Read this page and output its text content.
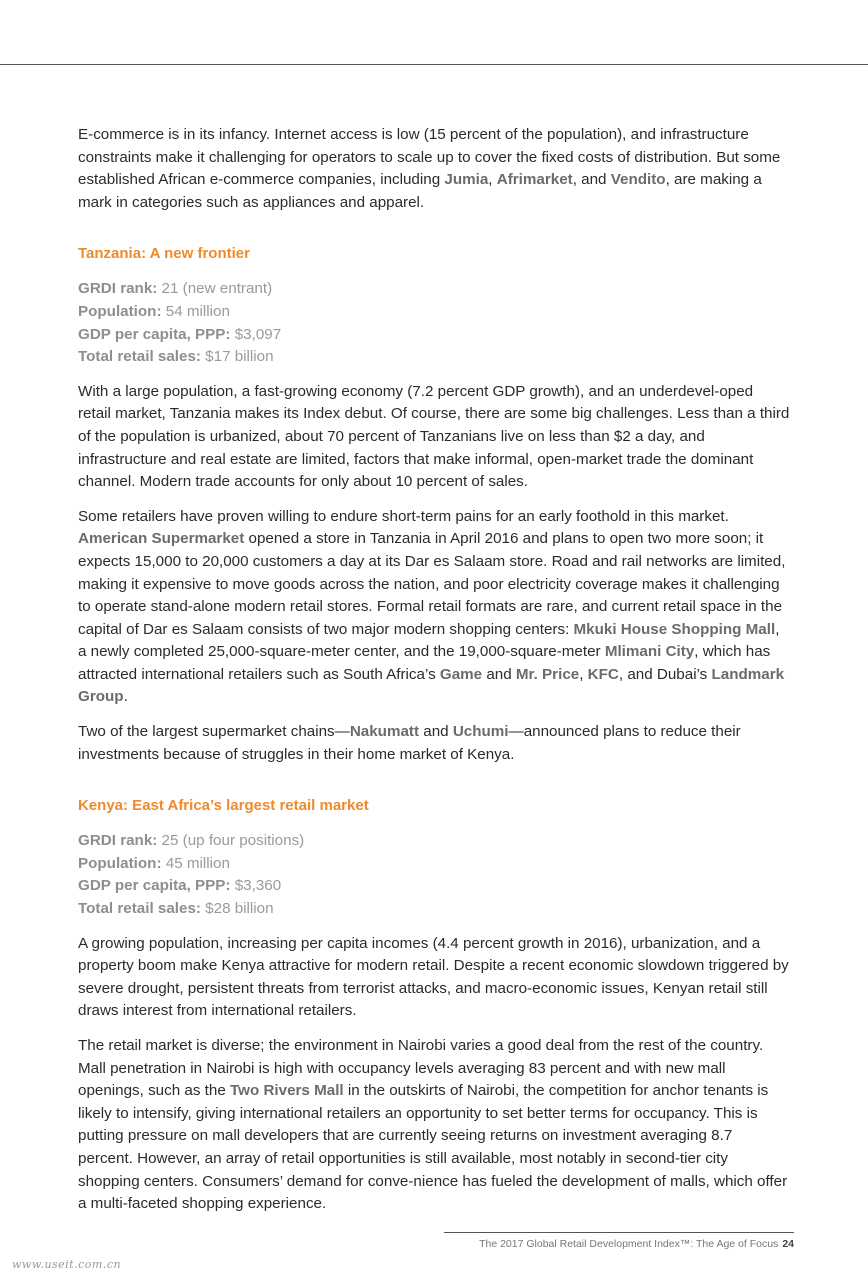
E-commerce is in its infancy. Internet access is low (15 percent of the population), and infrastructure constraints make it challenging for operators to scale up to cover the fixed costs of distribution. But some established African e-commerce companies, including Jumia, Afrimarket, and Vendito, are making a mark in categories such as appliances and apparel.

Tanzania: A new frontier
GRDI rank: 21 (new entrant)
Population: 54 million
GDP per capita, PPP: $3,097
Total retail sales: $17 billion

With a large population, a fast-growing economy (7.2 percent GDP growth), and an underdevel-oped retail market, Tanzania makes its Index debut. Of course, there are some big challenges. Less than a third of the population is urbanized, about 70 percent of Tanzanians live on less than $2 a day, and infrastructure and real estate are limited, factors that make informal, open-market trade the dominant channel. Modern trade accounts for only about 10 percent of sales.

Some retailers have proven willing to endure short-term pains for an early foothold in this market. American Supermarket opened a store in Tanzania in April 2016 and plans to open two more soon; it expects 15,000 to 20,000 customers a day at its Dar es Salaam store. Road and rail networks are limited, making it expensive to move goods across the nation, and poor electricity coverage makes it challenging to operate stand-alone modern retail stores. Formal retail formats are rare, and current retail space in the capital of Dar es Salaam consists of two major modern shopping centers: Mkuki House Shopping Mall, a newly completed 25,000-square-meter center, and the 19,000-square-meter Mlimani City, which has attracted international retailers such as South Africa’s Game and Mr. Price, KFC, and Dubai’s Landmark Group.

Two of the largest supermarket chains—Nakumatt and Uchumi—announced plans to reduce their investments because of struggles in their home market of Kenya.

Kenya: East Africa’s largest retail market
GRDI rank: 25 (up four positions)
Population: 45 million
GDP per capita, PPP: $3,360
Total retail sales: $28 billion

A growing population, increasing per capita incomes (4.4 percent growth in 2016), urbanization, and a property boom make Kenya attractive for modern retail. Despite a recent economic slowdown triggered by severe drought, persistent threats from terrorist attacks, and macro-economic issues, Kenyan retail still draws interest from international retailers.

The retail market is diverse; the environment in Nairobi varies a good deal from the rest of the country. Mall penetration in Nairobi is high with occupancy levels averaging 83 percent and with new mall openings, such as the Two Rivers Mall in the outskirts of Nairobi, the competition for anchor tenants is likely to intensify, giving international retailers an opportunity to set better terms for occupancy. This is putting pressure on mall developers that are currently seeing returns on investment averaging 8.7 percent. However, an array of retail opportunities is still available, most notably in second-tier city shopping centers. Consumers’ demand for conve-nience has fueled the development of malls, which offer a multi-faceted shopping experience.

The 2017 Global Retail Development Index™: The Age of Focus 24
www.useit.com.cn
